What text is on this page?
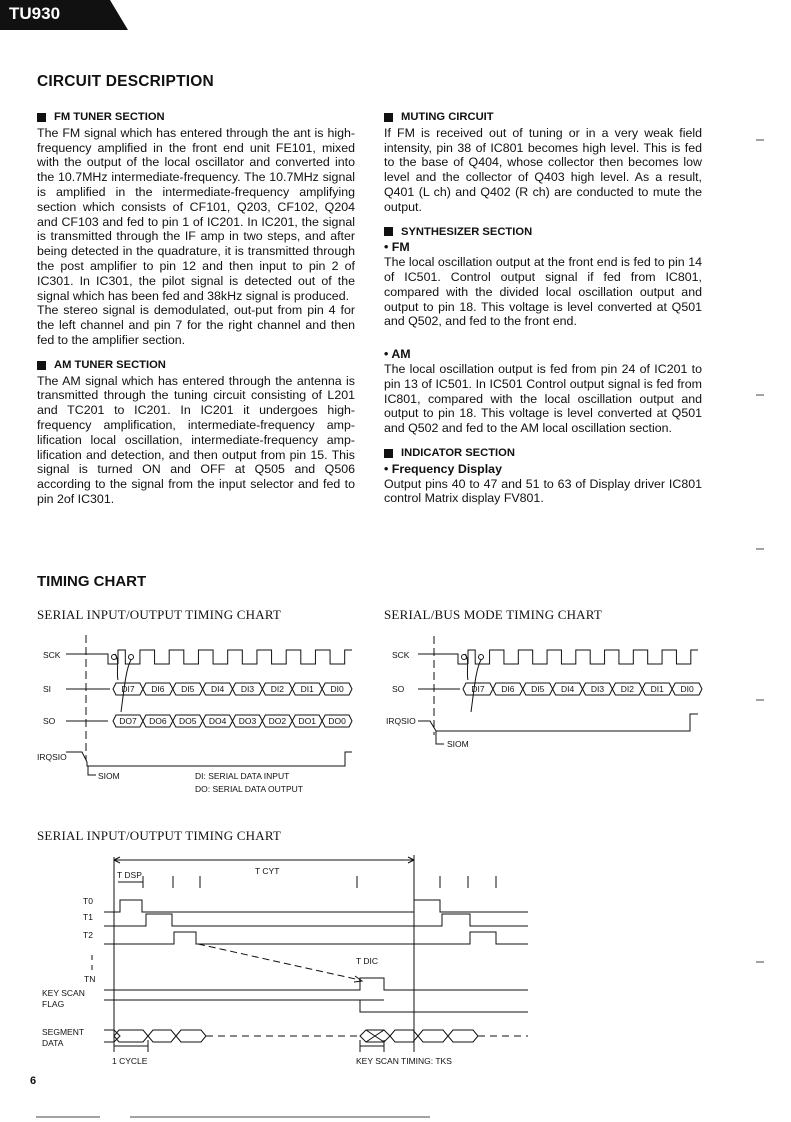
TU930
CIRCUIT DESCRIPTION
FM TUNER SECTION

The FM signal which has entered through the ant is high-frequency amplified in the front end unit FE101, mixed with the output of the local oscillator and converted into the 10.7MHz intermediate-frequency. The 10.7MHz signal is amplified in the intermediate-frequency amplifying section which consists of CF101, Q203, CF102, Q204 and CF103 and fed to pin 1 of IC201. In IC201, the signal is transmitted through the IF amp in two steps, and after being detected in the quadrature, it is transmitted through the post amplifier to pin 12 and then input to pin 2 of IC301. In IC301, the pilot signal is detected out of the signal which has been fed and 38kHz signal is produced.

The stereo signal is demodulated, out-put from pin 4 for the left channel and pin 7 for the right channel and then fed to the amplifier section.

AM TUNER SECTION

The AM signal which has entered through the antenna is transmitted through the tuning circuit consisting of L201 and TC201 to IC201. In IC201 it undergoes high-frequency amplification, intermediate-frequency amp-lification local oscillation, intermediate-frequency amp-lification and detection, and then output from pin 15. This signal is turned ON and OFF at Q505 and Q506 according to the signal from the input selector and fed to pin 2of IC301.

MUTING CIRCUIT

If FM is received out of tuning or in a very weak field intensity, pin 38 of IC801 becomes high level. This is fed to the base of Q404, whose collector then becomes low level and the collector of Q403 high level. As a result, Q401 (L ch) and Q402 (R ch) are conducted to mute the output.

SYNTHESIZER SECTION
• FM

The local oscillation output at the front end is fed to pin 14 of IC501. Control output signal if fed from IC801, compared with the divided local oscillation output and output to pin 18. This voltage is level converted at Q501 and Q502, and fed to the front end.

• AM

The local oscillation output is fed from pin 24 of IC201 to pin 13 of IC501. In IC501 Control output signal is fed from IC801, compared with the local oscillation output and output to pin 18. This voltage is level converted at Q501 and Q502 and fed to the AM local oscillation section.

INDICATOR SECTION
• Frequency Display

Output pins 40 to 47 and 51 to 63 of Display driver IC801 control Matrix display FV801.

TIMING CHART
SERIAL INPUT/OUTPUT TIMING CHART	SERIAL/BUS MODE TIMING CHART
SERIAL INPUT/OUTPUT TIMING CHART
DI7 DI6 DI5 DI4 DI3 DI2 DI1 DI0
DO7 DO6 DO5 DO4 DO3 DO2 DO1 DO0
DI7 DI6 DI5 DI4 DI3 DI2 DI1 DI0
SCK
SI
SO
IRQSIO
SIOM	DI: SERIAL DATA INPUT
DO: SERIAL DATA OUTPUT
SCK
SO
IRQSIO
SIOM
T DSP	T CYT
T DIC
T0
T1
T2
TN
KEY SCAN
FLAG
SEGMENT
DATA
1 CYCLE	KEY SCAN TIMING: TKS
6
